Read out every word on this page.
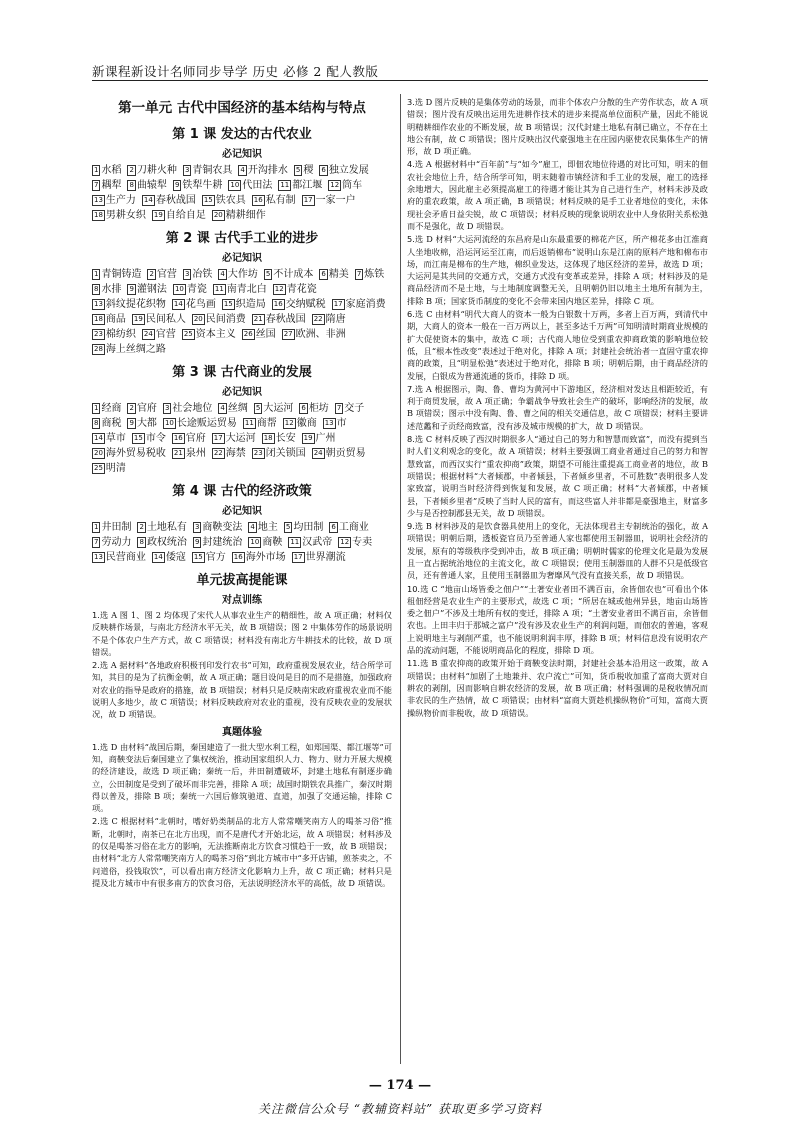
新课程新设计名师同步导学 历史 必修 2 配人教版
第一单元 古代中国经济的基本结构与特点
第 1 课 发达的古代农业
必记知识
1 水稻 2 刀耕火种 3 青铜农具 4 开沟排水 5 稷 6 独立发展
7 耦犁 8 曲辕犁 9 铁犁牛耕 10 代田法 11 都江堰 12 筒车
13 生产力 14 春秋战国 15 铁农具 16 私有制 17 一家一户
18 男耕女织 19 自给自足 20 精耕细作
第 2 课 古代手工业的进步
必记知识
1 青铜铸造 2 官营 3 冶铁 4 大作坊 5 不计成本 6 精美 7 炼铁
8 水排 9 灌钢法 10 青瓷 11 南青北白 12 青花瓷
13 斜纹提花织物 14 花鸟画 15 织造局 16 交纳赋税 17 家庭消费
18 商品 19 民间私人 20 民间消费 21 春秋战国 22 隋唐
23 棉纺织 24 官营 25 资本主义 26 丝国 27 欧洲、非洲
28 海上丝绸之路
第 3 课 古代商业的发展
必记知识
1 经商 2 官府 3 社会地位 4 丝绸 5 大运河 6 柜坊 7 交子
8 商税 9 大都 10 长途贩运贸易 11 商帮 12 徽商 13 市
14 草市 15 市令 16 官府 17 大运河 18 长安 19 广州
20 海外贸易税收 21 泉州 22 海禁 23 闭关锁国 24 朝贡贸易
25 明清
第 4 课 古代的经济政策
必记知识
1 井田制 2 土地私有 3 商鞅变法 4 地主 5 均田制 6 工商业
7 劳动力 8 政权统治 9 封建统治 10 商鞅 11 汉武帝 12 专卖
13 民营商业 14 倭寇 15 官方 16 海外市场 17 世界潮流
单元拔高提能课
对点训练
1.选 A 图 1、图 2 均体现了宋代人从事农业生产的精细性，故 A 项正确；材料仅反映耕作场景，与南北方经济水平无关，故 B 项错误；图 2 中集体劳作的场景说明不是个体农户生产方式，故 C 项错误；材料没有南北方牛耕技术的比较，故 D 项错误。
2.选 A 据材料“各地政府积极刊印发行农书”可知，政府重视发展农业，结合所学可知，其目的是为了抗衡金朝，故 A 项正确；题目设问是目的而不是措施，加强政府对农业的指导是政府的措施，故 B 项错误；材料只是反映南宋政府重视农业而不能说明人多地少，故 C 项错误；材料反映政府对农业的重视，没有反映农业的发展状况，故 D 项错误。
真题体验
1.选 D 由材料“战国后期，秦国建造了一批大型水利工程，如郑国渠、都江堰等”可知，商鞅变法后秦国建立了集权统治，推动国家组织人力、物力、财力开展大规模的经济建设，故选 D 项正确；秦统一后，井田制遭破坏，封建土地私有制逐步确立，公田制度是受到了破坏而非完善，排除 A 项；战国时期铁农具推广，秦汉时期得以普及，排除 B 项；秦统一六国后修筑驰道、直道，加强了交通运输，排除 C 项。
2.选 C 根据材料“北朝时，嗜好奶类制品的北方人常常嘲笑南方人的喝茶习俗”推断，北朝时，南茶已在北方出现，而不是唐代才开始北运，故 A 项错误；材料涉及的仅是喝茶习俗在北方的影响，无法推断南北方饮食习惯趋于一致，故 B 项错误；由材料“北方人常常嘲笑南方人的喝茶习俗”到北方城市中“多开店铺，煎茶卖之，不问道俗，投钱取饮”，可以看出南方经济文化影响力上升，故 C 项正确；材料只是提及北方城市中有很多南方的饮食习俗，无法说明经济水平的高低，故 D 项错误。
3.选 D 图片反映的是集体劳动的场景，而非个体农户分散的生产劳作状态，故 A 项错误；图片没有反映出运用先进耕作技术的进步来提高单位面积产量，因此不能说明精耕细作农业的不断发展，故 B 项错误；汉代封建土地私有制已确立，不存在土地公有制，故 C 项错误；图片反映出汉代豪强地主在庄园内驱使农民集体生产的情形，故 D 项正确。
4.选 A 根据材料中“百年前”与“如今”雇工，即佃农地位待遇的对比可知，明末的佃农社会地位上升，结合所学可知，明末随着市镇经济和手工业的发展，雇工的选择余地增大，因此雇主必须提高雇工的待遇才能让其为自己进行生产，材料未涉及政府的重农政策，故 A 项正确，B 项错误；材料反映的是手工业者地位的变化，未体现社会矛盾日益尖锐，故 C 项错误；材料反映的现象说明农业中人身依附关系松弛而不是强化，故 D 项错误。
5.选 D 材料“大运河流经的东昌府是山东最重要的棉花产区，所产棉花多由江淮商人坐地收棉，沿运河运至江南，而后返销棉布”说明山东是江南的原料产地和棉布市场，而江南是棉布的生产地，棉织业发达，这体现了地区经济的差异，故选 D 项；大运河是其共同的交通方式，交通方式没有变革或差异，排除 A 项；材料涉及的是商品经济而不是土地，与土地制度调整无关，且明朝仍旧以地主土地所有制为主，排除 B 项；国家货币制度的变化不会带来国内地区差异，排除 C 项。
6.选 C 由材料“明代大商人的资本一般为白银数十万两，多者上百万两，到清代中期，大商人的资本一般在一百万两以上，甚至多达千万两”可知明清时期商业规模的扩大促使资本的集中，故选 C 项；古代商人地位受到重农抑商政策的影响地位较低，且“根本性改变”表述过于绝对化，排除 A 项；封建社会统治者一直固守重农抑商的政策，且“明显松弛”表述过于绝对化，排除 B 项；明朝后期，由于商品经济的发展，白银成为普通流通的货币，排除 D 项。
7.选 A 根据图示，陶、鲁、曹均为黄河中下游地区，经济相对发达且相距较近，有利于商贸发展，故 A 项正确；争霸战争导致社会生产的破坏，影响经济的发展，故 B 项错误；图示中没有陶、鲁、曹之间的相关交通信息，故 C 项错误；材料主要讲述范蠡和子贡经商致富，没有涉及城市规模的扩大，故 D 项错误。
8.选 C 材料反映了西汉时期很多人“通过自己的努力和智慧而致富”，而没有提到当时人们义利观念的变化，故 A 项错误；材料主要强调工商业者通过自己的努力和智慧致富，而西汉实行“重农抑商”政策，期望不可能注重提高工商业者的地位，故 B 项错误；根据材料“大者倾郡，中者倾县，下者倾乡里者，不可胜数”表明很多人发家致富，说明当时经济得到恢复和发展，故 C 项正确；材料“大者倾郡，中者倾县，下者倾乡里者”反映了当时人民的富有，而这些富人并非都是豪强地主，财富多少与是否控制郡县无关，故 D 项错误。
9.选 B 材料涉及的是饮食器具使用上的变化，无法体现君主专制统治的强化，故 A 项错误；明朝后期，透板瓷官员乃至普通人家也都使用玉制器皿，说明社会经济的发展，原有的等级秩序受到冲击，故 B 项正确；明朝时儒家的伦理文化是最为发展且一直占据统治地位的主流文化，故 C 项错误；使用玉制器皿的人群不只是低级官员，还有普通人家，且使用玉制器皿为奢靡风气没有直接关系，故 D 项错误。
10.选 C “地亩山场皆委之佃户”“土著安业者田不满百亩，余皆佃农也”可看出个体租佃经营是农业生产的主要形式，故选 C 项；“所居在城或他州异县，地亩山场皆委之佃户”不涉及土地所有权的变迁，排除 A 项；“土著安业者田不满百亩，余皆佃农也。上田丰归于那城之富户”没有涉及农业生产的利润问题，而佃农的普遍，客观上说明地主与剥削严重，也不能说明利润丰厚，排除 B 项；材料信息没有说明农产品的流动问题，不能说明商品化的程度，排除 D 项。
11.选 B 重农抑商的政策开始于商鞅变法时期，封建社会基本沿用这一政策，故 A 项错误；由材料“加剧了土地兼并、农户流亡”可知，货币税收加重了富商大贾对自耕农的剥削，因而影响自耕农经济的发展，故 B 项正确；材料强调的是税收情况而非农民的生产热情，故 C 项错误；由材料“富商大贾趁机操纵物价”可知，富商大贾操纵物价而非税收，故 D 项错误。
— 174 —
关注微信公众号 “教辅资料站” 获取更多学习资料
